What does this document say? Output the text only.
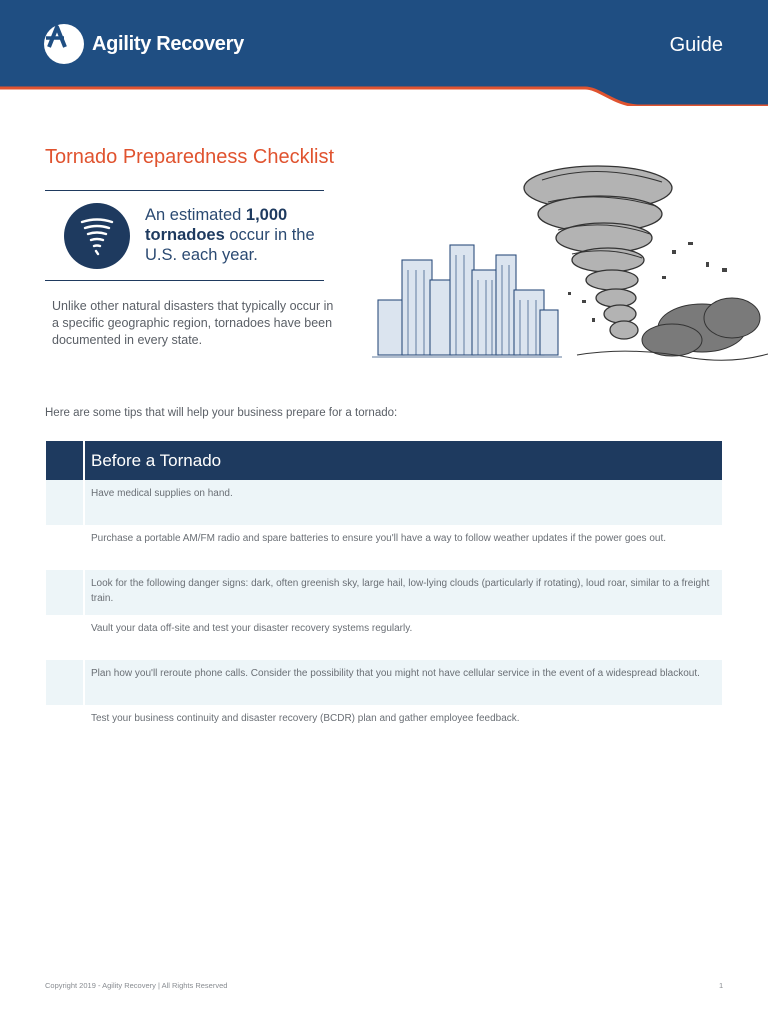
Agility Recovery	Guide
Tornado Preparedness Checklist
An estimated 1,000 tornadoes occur in the U.S. each year.

Unlike other natural disasters that typically occur in a specific geographic region, tornadoes have been documented in every state.

Here are some tips that will help your business prepare for a tornado:

Before a Tornado
Have medical supplies on hand.
Purchase a portable AM/FM radio and spare batteries to ensure you'll have a way to follow weather updates if the power goes out.
Look for the following danger signs: dark, often greenish sky, large hail, low-lying clouds (particularly if rotating), loud roar, similar to a freight train.
Vault your data off-site and test your disaster recovery systems regularly.
Plan how you'll reroute phone calls. Consider the possibility that you might not have cellular service in the event of a widespread blackout.
Test your business continuity and disaster recovery (BCDR) plan and gather employee feedback.
Copyright 2019 - Agility Recovery | All Rights Reserved	1
